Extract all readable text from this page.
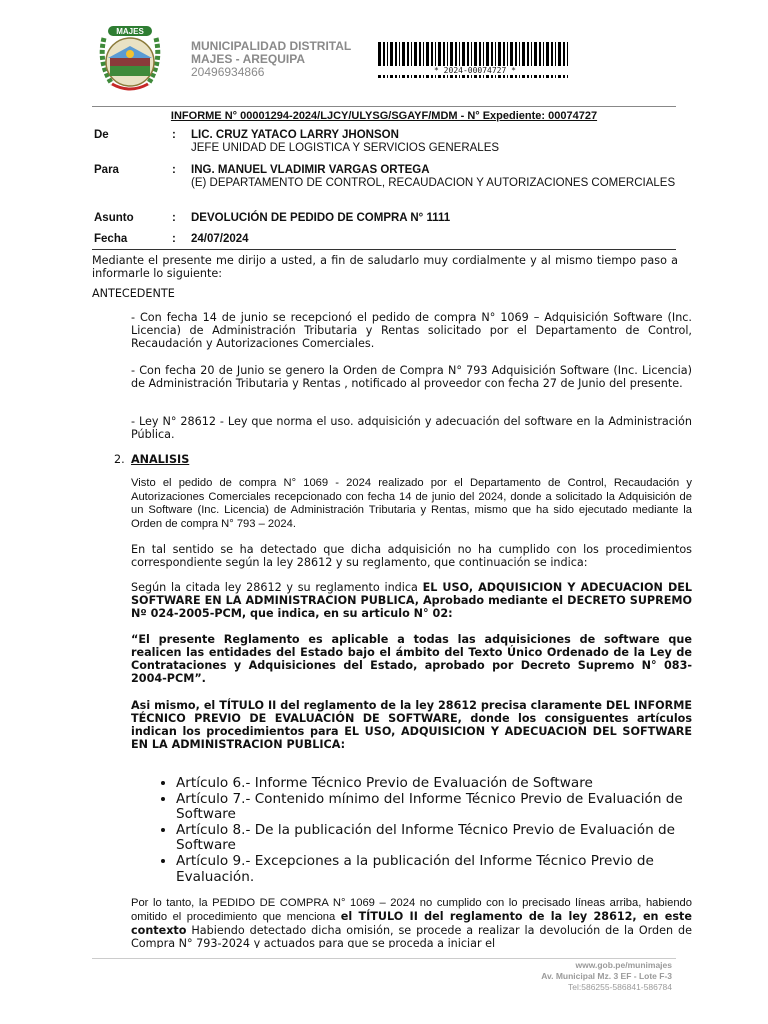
MAJES
MUNICIPALIDAD DISTRITAL
MAJES - AREQUIPA
20496934866	* 2024-00074727 *
INFORME N° 00001294-2024/LJCY/ULYSG/SGAYF/MDM - N° Expediente: 00074727
De	: LIC. CRUZ YATACO LARRY JHONSON
JEFE UNIDAD DE LOGISTICA Y SERVICIOS GENERALES
Para	: ING. MANUEL VLADIMIR VARGAS ORTEGA
(E) DEPARTAMENTO DE CONTROL, RECAUDACION Y AUTORIZACIONES COMERCIALES
Asunto	: DEVOLUCIÓN DE PEDIDO DE COMPRA N° 1111
Fecha	: 24/07/2024
Mediante el presente me dirijo a usted, a fin de saludarlo muy cordialmente y al mismo tiempo paso a informarle lo siguiente:
ANTECEDENTE
- Con fecha 14 de junio se recepcionó el pedido de compra N° 1069 – Adquisición Software (Inc. Licencia) de Administración Tributaria y Rentas solicitado por el Departamento de Control, Recaudación y Autorizaciones Comerciales.
- Con fecha 20 de Junio se genero la Orden de Compra N° 793 Adquisición Software (Inc. Licencia) de Administración Tributaria y Rentas , notificado al proveedor con fecha 27 de Junio del presente.
- Ley N° 28612 - Ley que norma el uso. adquisición y adecuación del software en la Administración Pública.
2. ANALISIS
Visto el pedido de compra N° 1069 - 2024 realizado por el Departamento de Control, Recaudación y Autorizaciones Comerciales recepcionado con fecha 14 de junio del 2024, donde a solicitado la Adquisición de un Software (Inc. Licencia) de Administración Tributaria y Rentas, mismo que ha sido ejecutado mediante la Orden de compra N° 793 – 2024.
En tal sentido se ha detectado que dicha adquisición no ha cumplido con los procedimientos correspondiente según la ley 28612 y su reglamento, que continuación se indica:
Según la citada ley 28612 y su reglamento indica EL USO, ADQUISICION Y ADECUACION DEL SOFTWARE EN LA ADMINISTRACION PUBLICA, Aprobado mediante el DECRETO SUPREMO Nº 024-2005-PCM, que indica, en su articulo N° 02:
“El presente Reglamento es aplicable a todas las adquisiciones de software que realicen las entidades del Estado bajo el ámbito del Texto Único Ordenado de la Ley de Contrataciones y Adquisiciones del Estado, aprobado por Decreto Supremo N° 083-2004-PCM”.
Asi mismo, el TÍTULO II del reglamento de la ley 28612 precisa claramente DEL INFORME TÉCNICO PREVIO DE EVALUACIÓN DE SOFTWARE, donde los consiguentes artículos indican los procedimientos para EL USO, ADQUISICION Y ADECUACION DEL SOFTWARE EN LA ADMINISTRACION PUBLICA:
• Artículo 6.- Informe Técnico Previo de Evaluación de Software
• Artículo 7.- Contenido mínimo del Informe Técnico Previo de Evaluación de Software
• Artículo 8.- De la publicación del Informe Técnico Previo de Evaluación de Software
• Artículo 9.- Excepciones a la publicación del Informe Técnico Previo de Evaluación.
Por lo tanto, la PEDIDO DE COMPRA N° 1069 – 2024 no cumplido con lo precisado líneas arriba, habiendo omitido el procedimiento que menciona el TÍTULO II del reglamento de la ley 28612, en este contexto Habiendo detectado dicha omisión, se procede a realizar la devolución de la Orden de Compra N° 793-2024 y actuados para que se proceda a iniciar el
www.gob.pe/munimajes
Av. Municipal Mz. 3 EF - Lote F-3
Tel:586255-586841-586784
